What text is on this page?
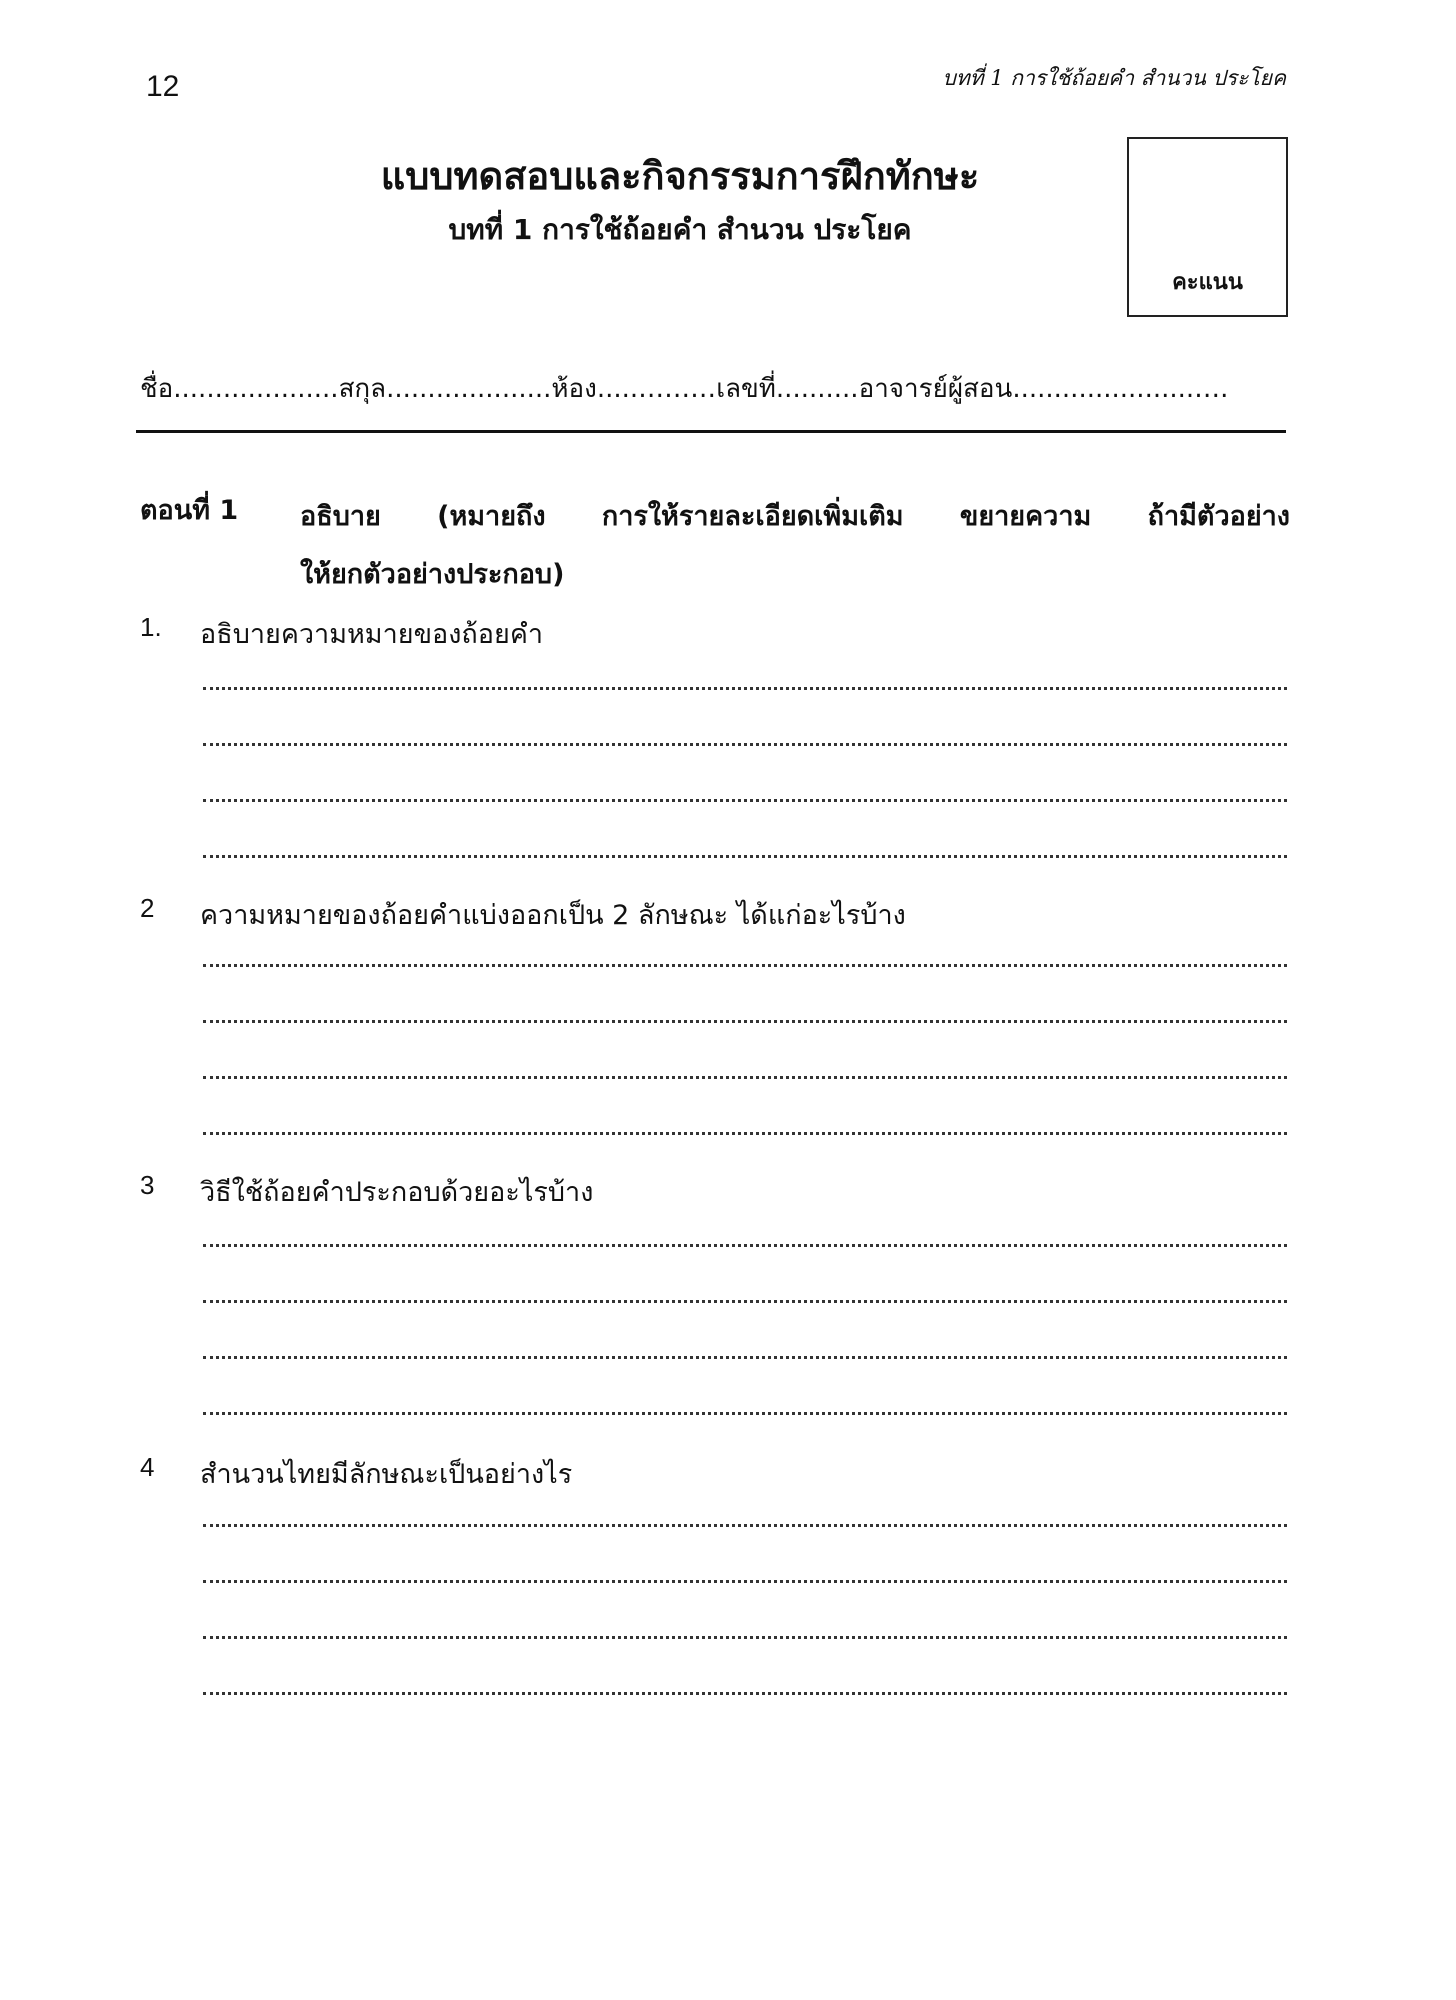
12	บทที่ 1 การใช้ถ้อยคำ สำนวน ประโยค
แบบทดสอบและกิจกรรมการฝึกทักษะ
บทที่ 1 การใช้ถ้อยคำ สำนวน ประโยค
คะแนน
ชื่อ....................สกุล....................ห้อง.....………เลขที่..........อาจารย์ผู้สอน......................….
ตอนที่ 1 อธิบาย (หมายถึง การให้รายละเอียดเพิ่มเติม ขยายความ ถ้ามีตัวอย่าง
ให้ยกตัวอย่างประกอบ)
1. อธิบายความหมายของถ้อยคำ
2 ความหมายของถ้อยคำแบ่งออกเป็น 2 ลักษณะ ได้แก่อะไรบ้าง
3 วิธีใช้ถ้อยคำประกอบด้วยอะไรบ้าง
4 สำนวนไทยมีลักษณะเป็นอย่างไร
